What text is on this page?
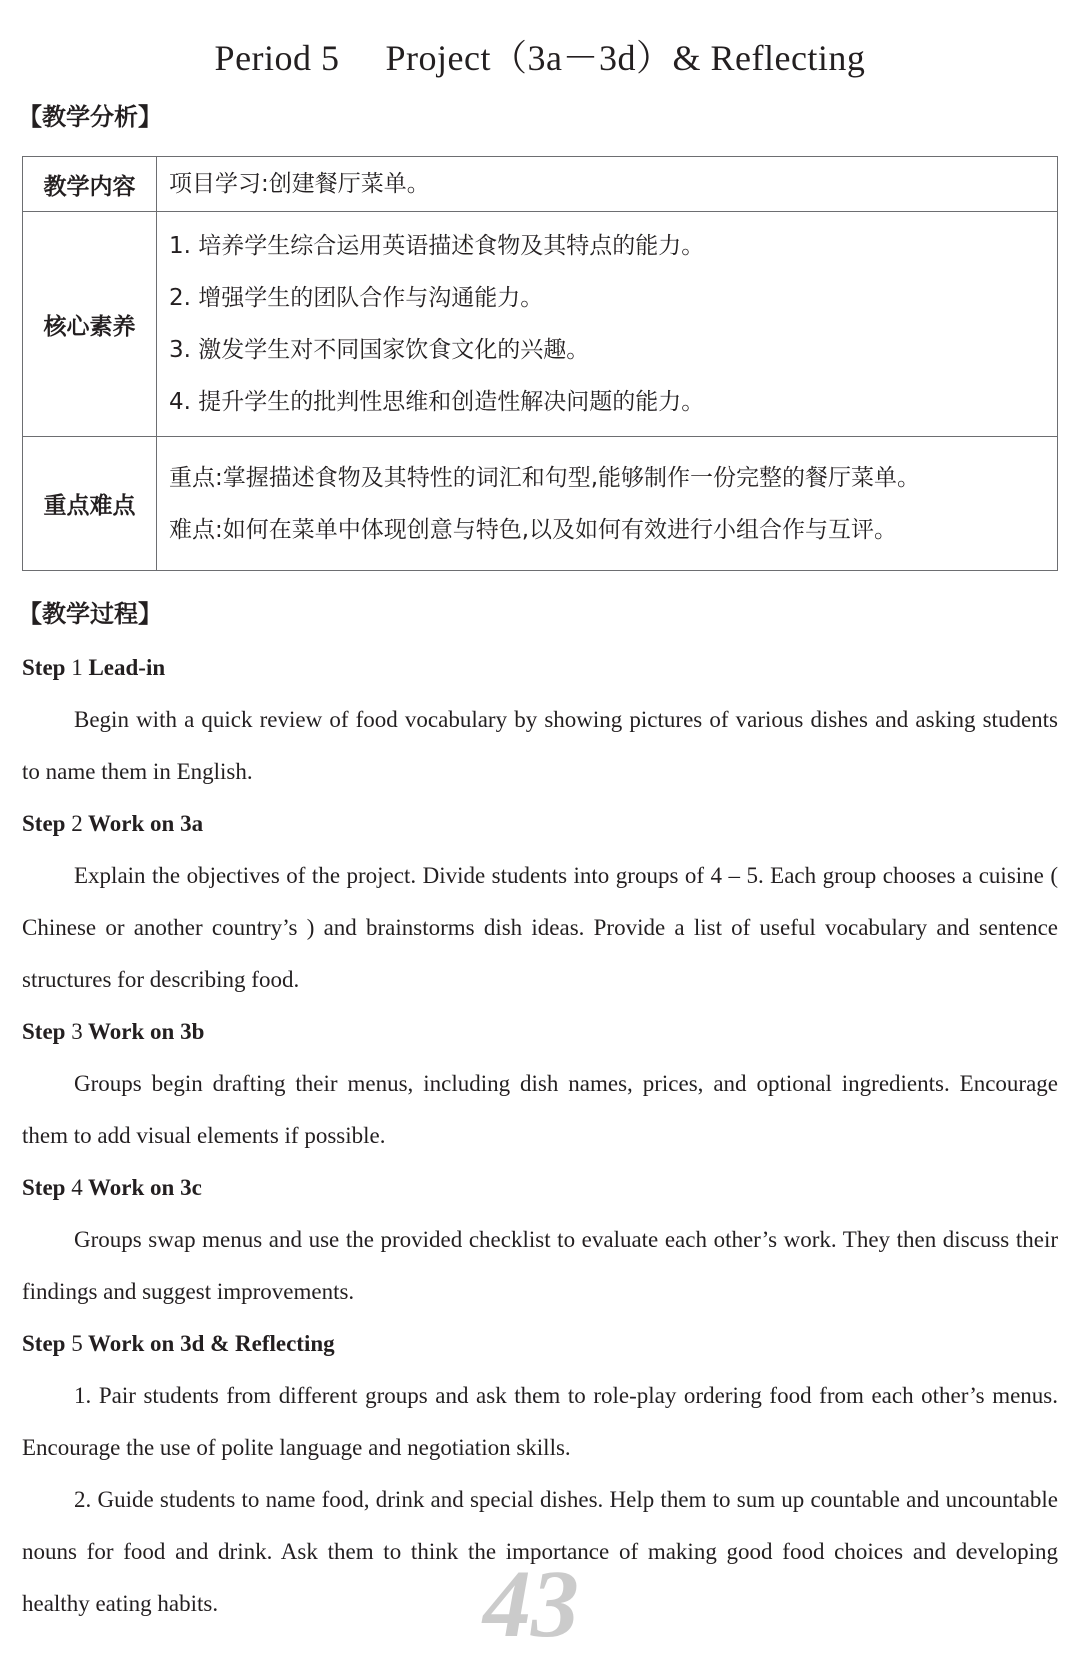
Period 5　 Project（3a－3d）& Reflecting
【教学分析】
教学内容	项目学习:创建餐厅菜单。

核心素养	1. 培养学生综合运用英语描述食物及其特点的能力。

2. 增强学生的团队合作与沟通能力。

3. 激发学生对不同国家饮食文化的兴趣。

4. 提升学生的批判性思维和创造性解决问题的能力。

重点难点	重点:掌握描述食物及其特性的词汇和句型,能够制作一份完整的餐厅菜单。

难点:如何在菜单中体现创意与特色,以及如何有效进行小组合作与互评。

【教学过程】

Step 1 Lead-in

Begin with a quick review of food vocabulary by showing pictures of various dishes and asking students to name them in English.

Step 2 Work on 3a

Explain the objectives of the project. Divide students into groups of 4 – 5. Each group chooses a cuisine ( Chinese or another country’s ) and brainstorms dish ideas. Provide a list of useful vocabulary and sentence structures for describing food.

Step 3 Work on 3b

Groups begin drafting their menus, including dish names, prices, and optional ingredients. Encourage them to add visual elements if possible.

Step 4 Work on 3c

Groups swap menus and use the provided checklist to evaluate each other’s work. They then discuss their findings and suggest improvements.

Step 5 Work on 3d & Reflecting

1. Pair students from different groups and ask them to role-play ordering food from each other’s menus. Encourage the use of polite language and negotiation skills.

2. Guide students to name food, drink and special dishes. Help them to sum up countable and uncountable nouns for food and drink. Ask them to think the importance of making good food choices and developing healthy eating habits.	43
